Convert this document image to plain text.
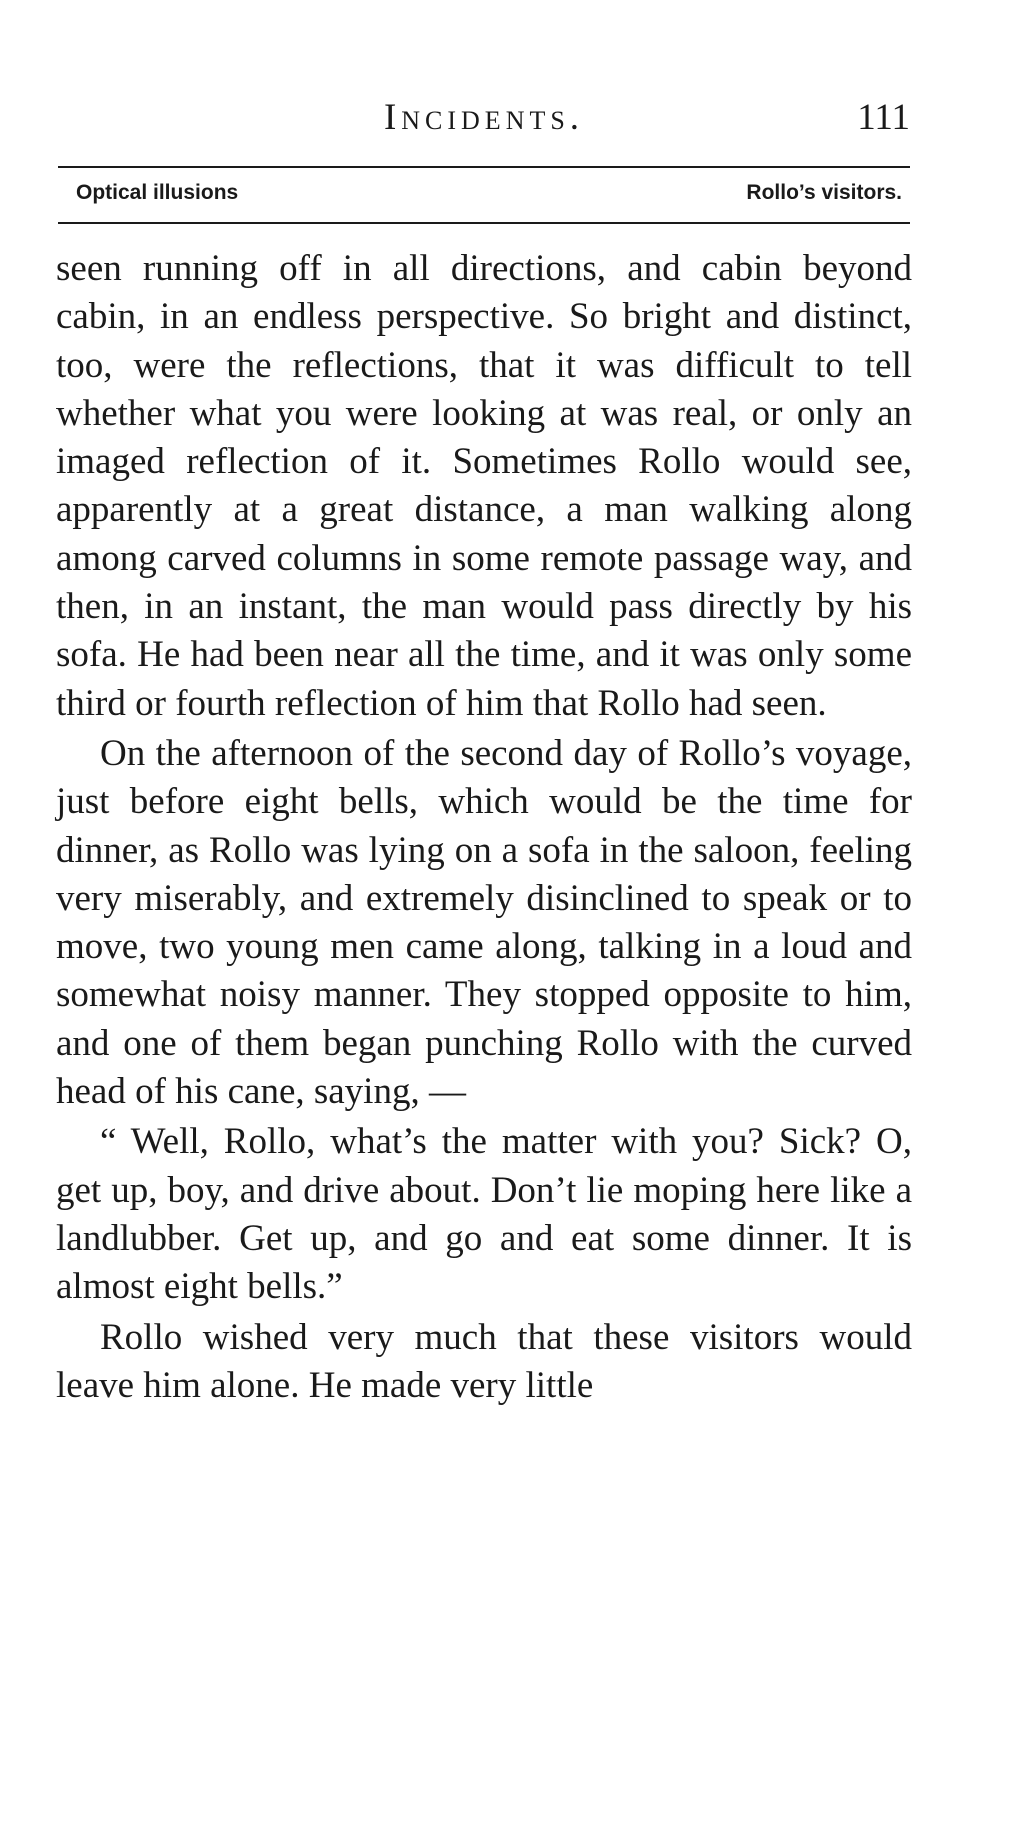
Incidents.	111
Optical illusions	Rollo’s visitors.

seen running off in all directions, and cabin beyond cabin, in an endless perspective. So bright and distinct, too, were the reflections, that it was difficult to tell whether what you were looking at was real, or only an imaged reflection of it. Sometimes Rollo would see, apparently at a great distance, a man walking along among carved columns in some remote passage way, and then, in an instant, the man would pass directly by his sofa. He had been near all the time, and it was only some third or fourth reflection of him that Rollo had seen.

On the afternoon of the second day of Rollo’s voyage, just before eight bells, which would be the time for dinner, as Rollo was lying on a sofa in the saloon, feeling very miserably, and extremely disinclined to speak or to move, two young men came along, talking in a loud and somewhat noisy manner. They stopped opposite to him, and one of them began punching Rollo with the curved head of his cane, saying, —

“ Well, Rollo, what’s the matter with you? Sick? O, get up, boy, and drive about. Don’t lie moping here like a landlubber. Get up, and go and eat some dinner. It is almost eight bells.”

Rollo wished very much that these visitors would leave him alone. He made very little
